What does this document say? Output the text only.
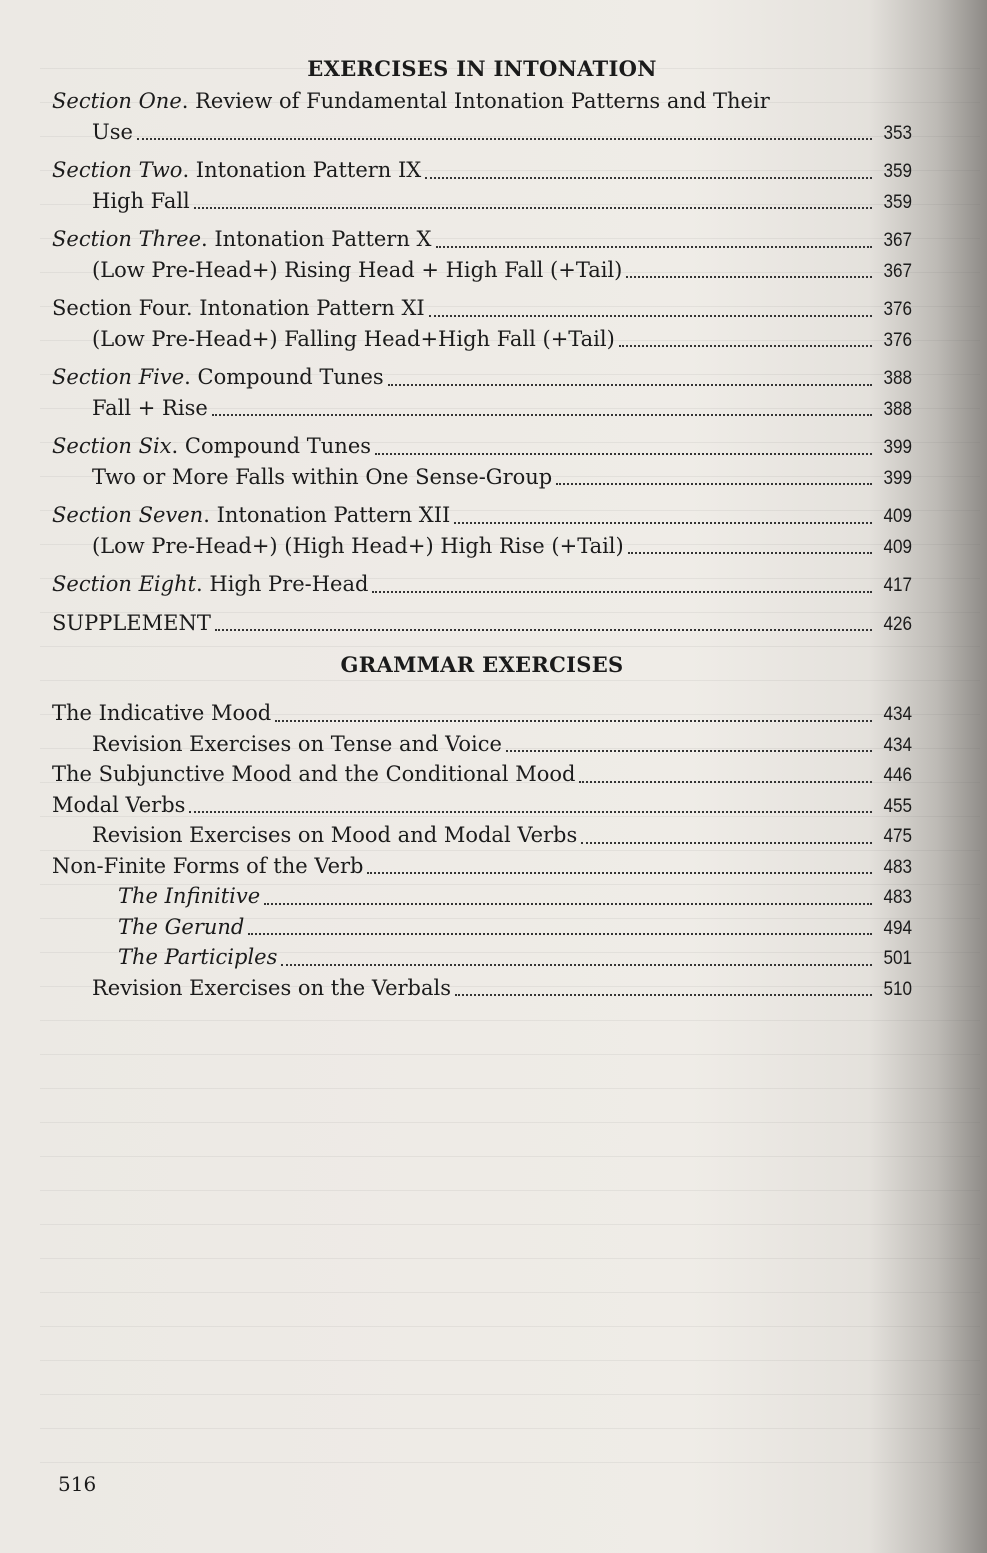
EXERCISES IN INTONATION
Section One. Review of Fundamental Intonation Patterns and Their
Use	353
Section Two. Intonation Pattern IX	359
High Fall	359
Section Three. Intonation Pattern X	367
(Low Pre-Head+) Rising Head + High Fall (+Tail)	367
Section Four. Intonation Pattern XI	376
(Low Pre-Head+) Falling Head+High Fall (+Tail)	376
Section Five. Compound Tunes	388
Fall + Rise	388
Section Six. Compound Tunes	399
Two or More Falls within One Sense-Group	399
Section Seven. Intonation Pattern XII	409
(Low Pre-Head+) (High Head+) High Rise (+Tail)	409
Section Eight. High Pre-Head	417
SUPPLEMENT	426
GRAMMAR EXERCISES
The Indicative Mood	434
Revision Exercises on Tense and Voice	434
The Subjunctive Mood and the Conditional Mood	446
Modal Verbs	455
Revision Exercises on Mood and Modal Verbs	475
Non-Finite Forms of the Verb	483
The Infinitive	483
The Gerund	494
The Participles	501
Revision Exercises on the Verbals	510
516
